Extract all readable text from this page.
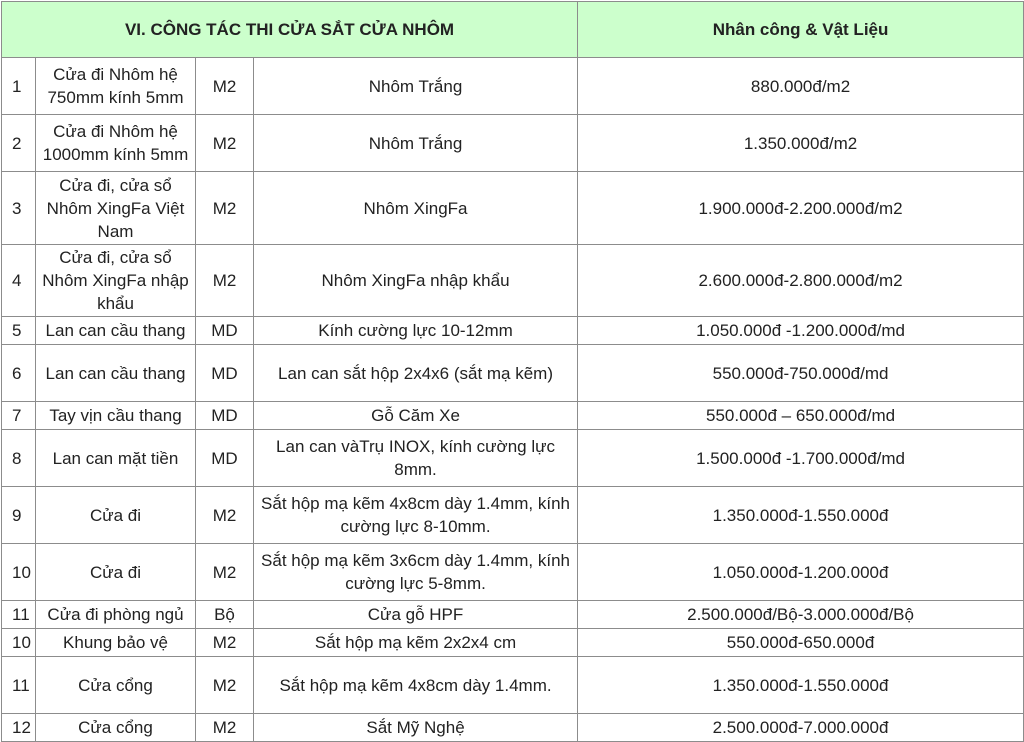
VI. CÔNG TÁC THI CỬA SẮT CỬA NHÔM				Nhân công & Vật Liệu
1	Cửa đi Nhôm hệ 750mm kính 5mm	M2	Nhôm Trắng	880.000đ/m2
2	Cửa đi Nhôm hệ 1000mm kính 5mm	M2	Nhôm Trắng	1.350.000đ/m2
3	Cửa đi, cửa sổ Nhôm XingFa Việt Nam	M2	Nhôm XingFa	1.900.000đ-2.200.000đ/m2
4	Cửa đi, cửa sổ Nhôm XingFa nhập khẩu	M2	Nhôm XingFa nhập khẩu	2.600.000đ-2.800.000đ/m2
5	Lan can cầu thang	MD	Kính cường lực 10-12mm	1.050.000đ -1.200.000đ/md
6	Lan can cầu thang	MD	Lan can sắt hộp 2x4x6 (sắt mạ kẽm)	550.000đ-750.000đ/md
7	Tay vịn cầu thang	MD	Gỗ Căm Xe	550.000đ – 650.000đ/md
8	Lan can mặt tiền	MD	Lan can vàTrụ INOX, kính cường lực 8mm.	1.500.000đ -1.700.000đ/md
9	Cửa đi	M2	Sắt hộp mạ kẽm 4x8cm dày 1.4mm, kính cường lực 8-10mm.	1.350.000đ-1.550.000đ
10	Cửa đi	M2	Sắt hộp mạ kẽm 3x6cm dày 1.4mm, kính cường lực 5-8mm.	1.050.000đ-1.200.000đ
11	Cửa đi phòng ngủ	Bộ	Cửa gỗ HPF	2.500.000đ/Bộ-3.000.000đ/Bộ
10	Khung bảo vệ	M2	Sắt hộp mạ kẽm 2x2x4 cm	550.000đ-650.000đ
11	Cửa cổng	M2	Sắt hộp mạ kẽm 4x8cm dày 1.4mm.	1.350.000đ-1.550.000đ
12	Cửa cổng	M2	Sắt Mỹ Nghệ	2.500.000đ-7.000.000đ
